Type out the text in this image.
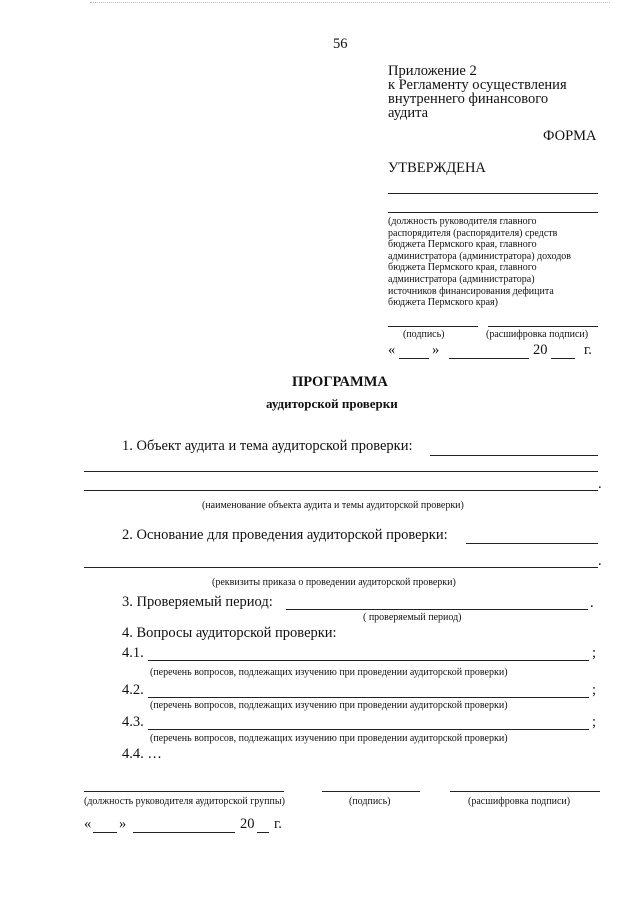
56
Приложение 2
к Регламенту осуществления
внутреннего финансового
аудита
ФОРМА
УТВЕРЖДЕНА
(должность руководителя главного
распорядителя (распорядителя) средств
бюджета Пермского края, главного
администратора (администратора) доходов
бюджета Пермского края, главного
администратора (администратора)
источников финансирования дефицита
бюджета Пермского края)
(подпись)	(расшифровка подписи)
«	»	20	г.
ПРОГРАММА
аудиторской проверки
1. Объект аудита и тема аудиторской проверки:
.
(наименование объекта аудита и темы аудиторской проверки)
2. Основание для проведения аудиторской проверки:
.
(реквизиты приказа о проведении аудиторской проверки)
3. Проверяемый период:	.
( проверяемый период)
4. Вопросы аудиторской проверки:
4.1.	;
(перечень вопросов, подлежащих изучению при проведении аудиторской проверки)
4.2.	;
(перечень вопросов, подлежащих изучению при проведении аудиторской проверки)
4.3.	;
(перечень вопросов, подлежащих изучению при проведении аудиторской проверки)
4.4. …
(должность руководителя аудиторской группы)	(подпись)	(расшифровка подписи)
« »	20 г.
